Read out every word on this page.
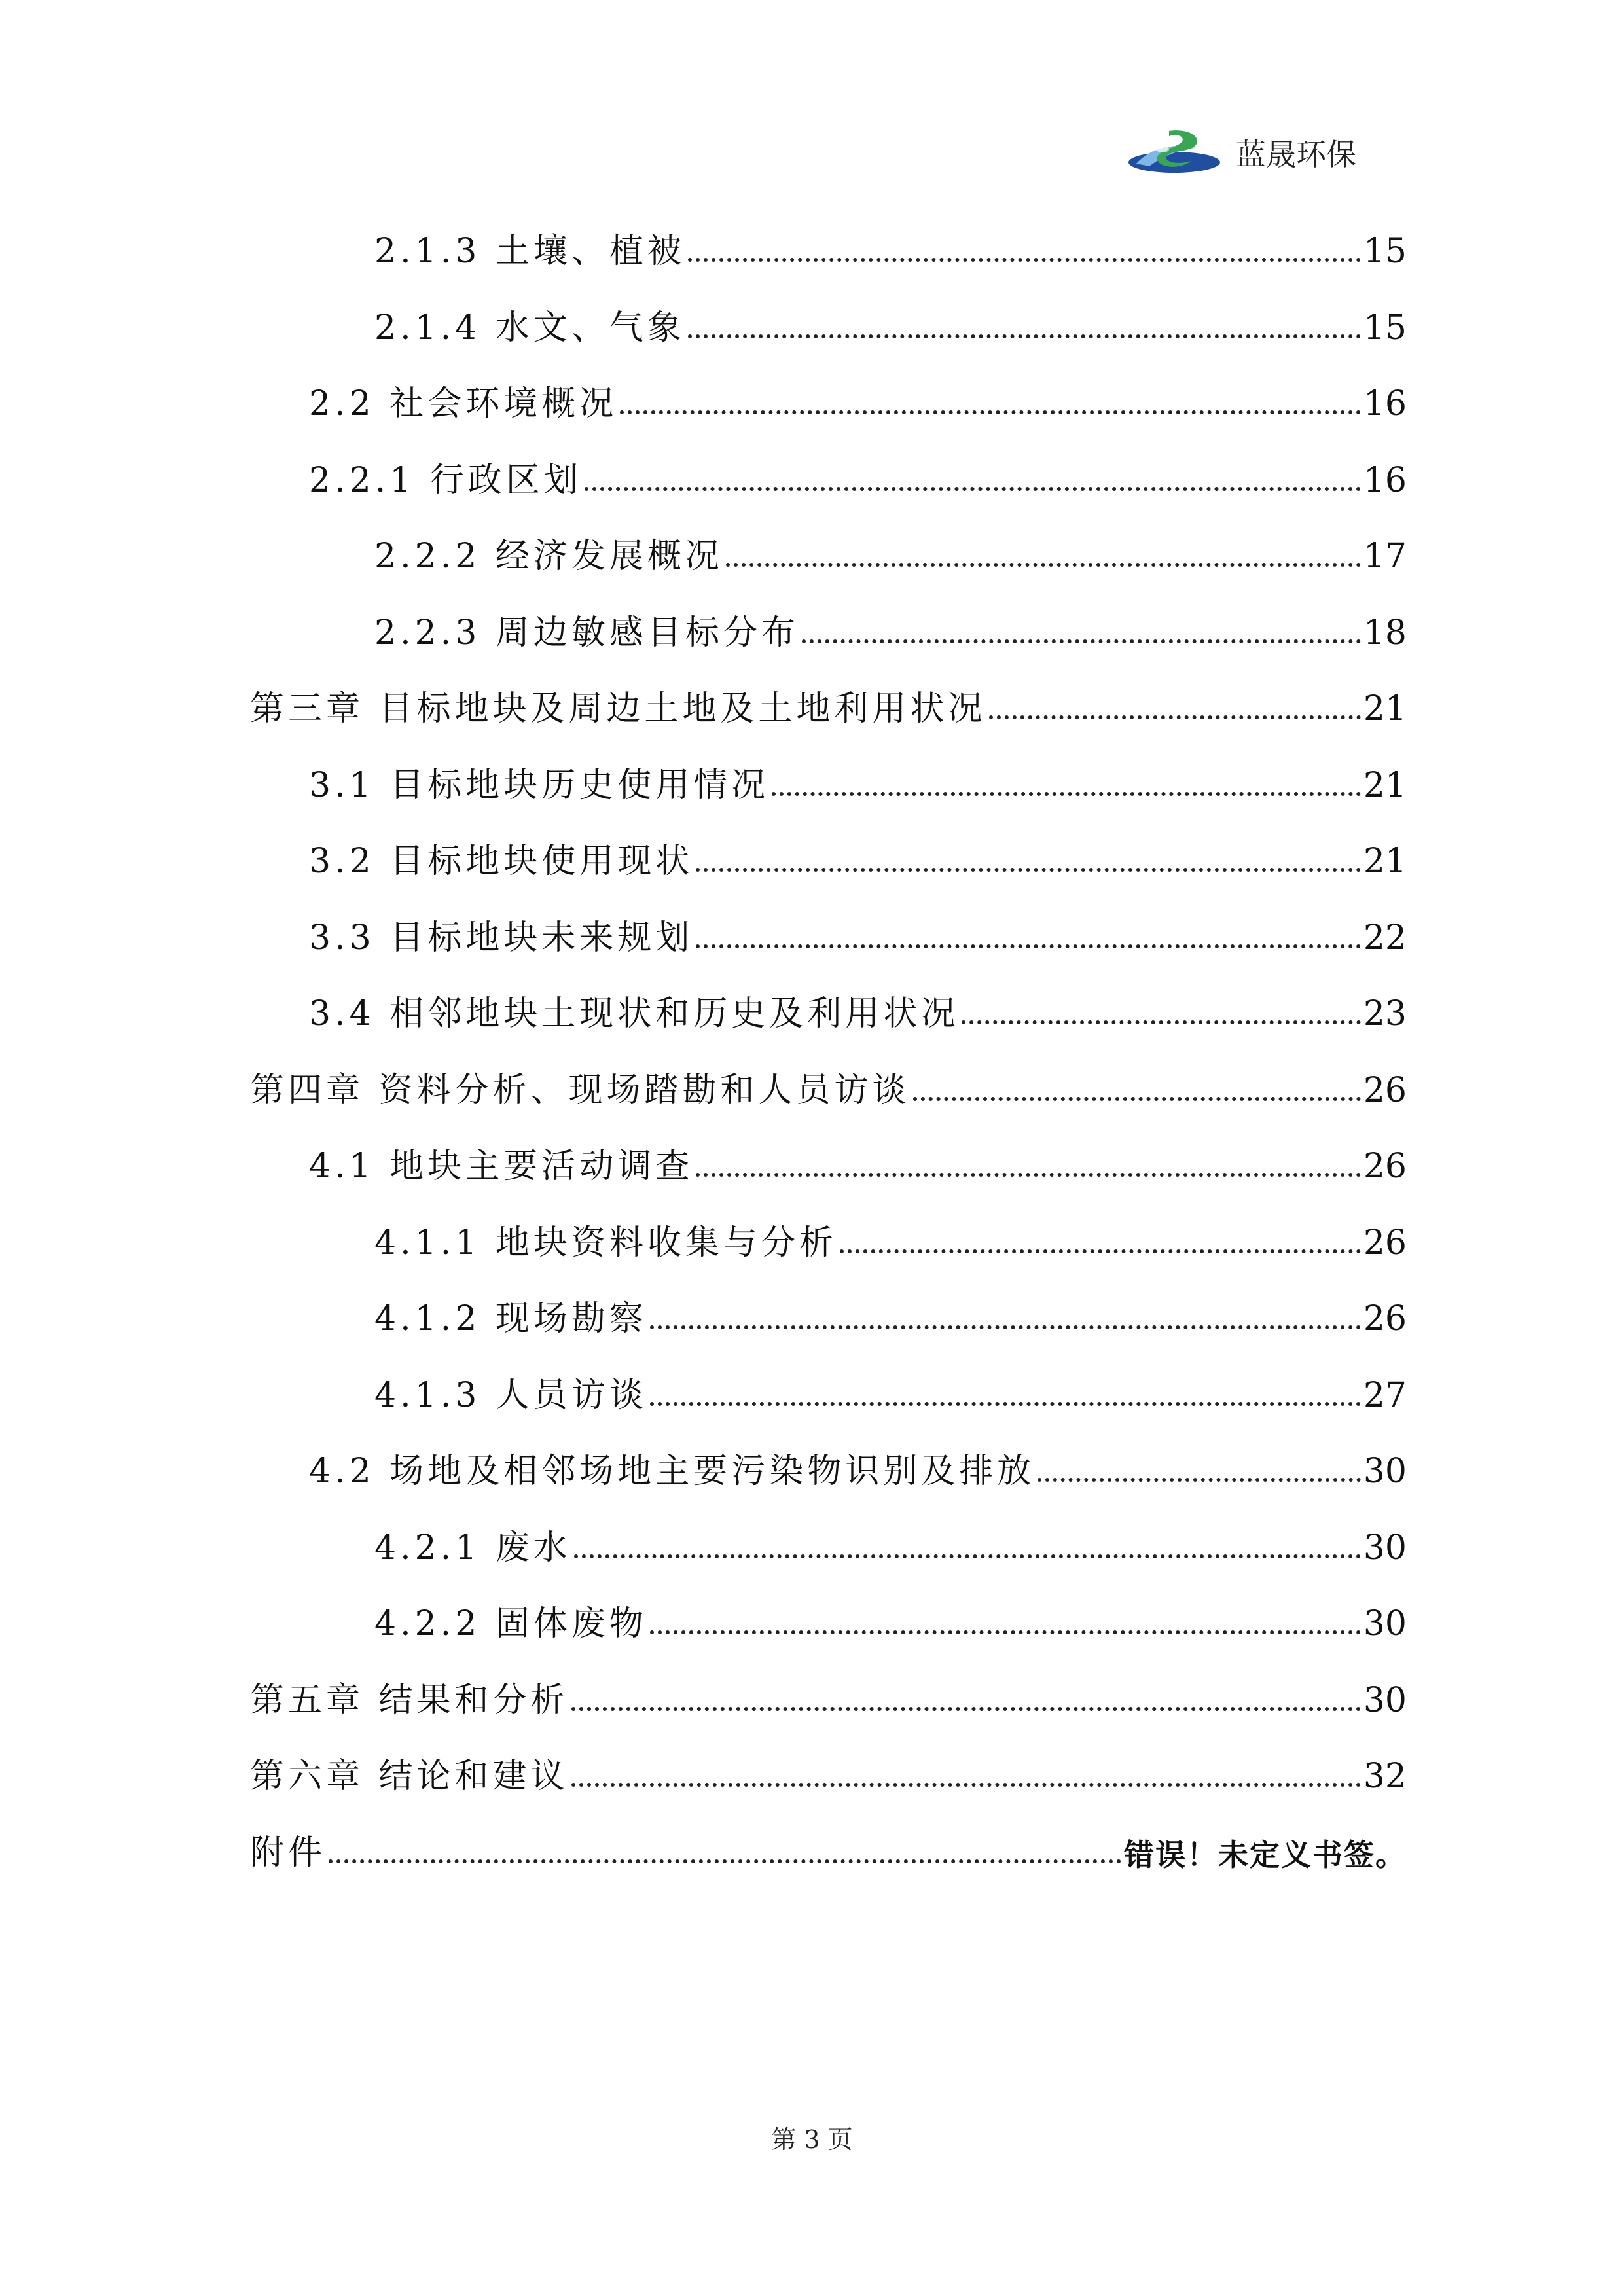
蓝晟环保
2.1.3 土壤、植被	15
2.1.4 水文、气象	15
2.2 社会环境概况	16
2.2.1 行政区划	16
2.2.2 经济发展概况	17
2.2.3 周边敏感目标分布	18
第三章 目标地块及周边土地及土地利用状况	21
3.1 目标地块历史使用情况	21
3.2 目标地块使用现状	21
3.3 目标地块未来规划	22
3.4 相邻地块土现状和历史及利用状况	23
第四章 资料分析、现场踏勘和人员访谈	26
4.1 地块主要活动调查	26
4.1.1 地块资料收集与分析	26
4.1.2 现场勘察	26
4.1.3 人员访谈	27
4.2 场地及相邻场地主要污染物识别及排放	30
4.2.1 废水	30
4.2.2 固体废物	30
第五章 结果和分析	30
第六章 结论和建议	32
附件	错误！未定义书签。
第 3 页
